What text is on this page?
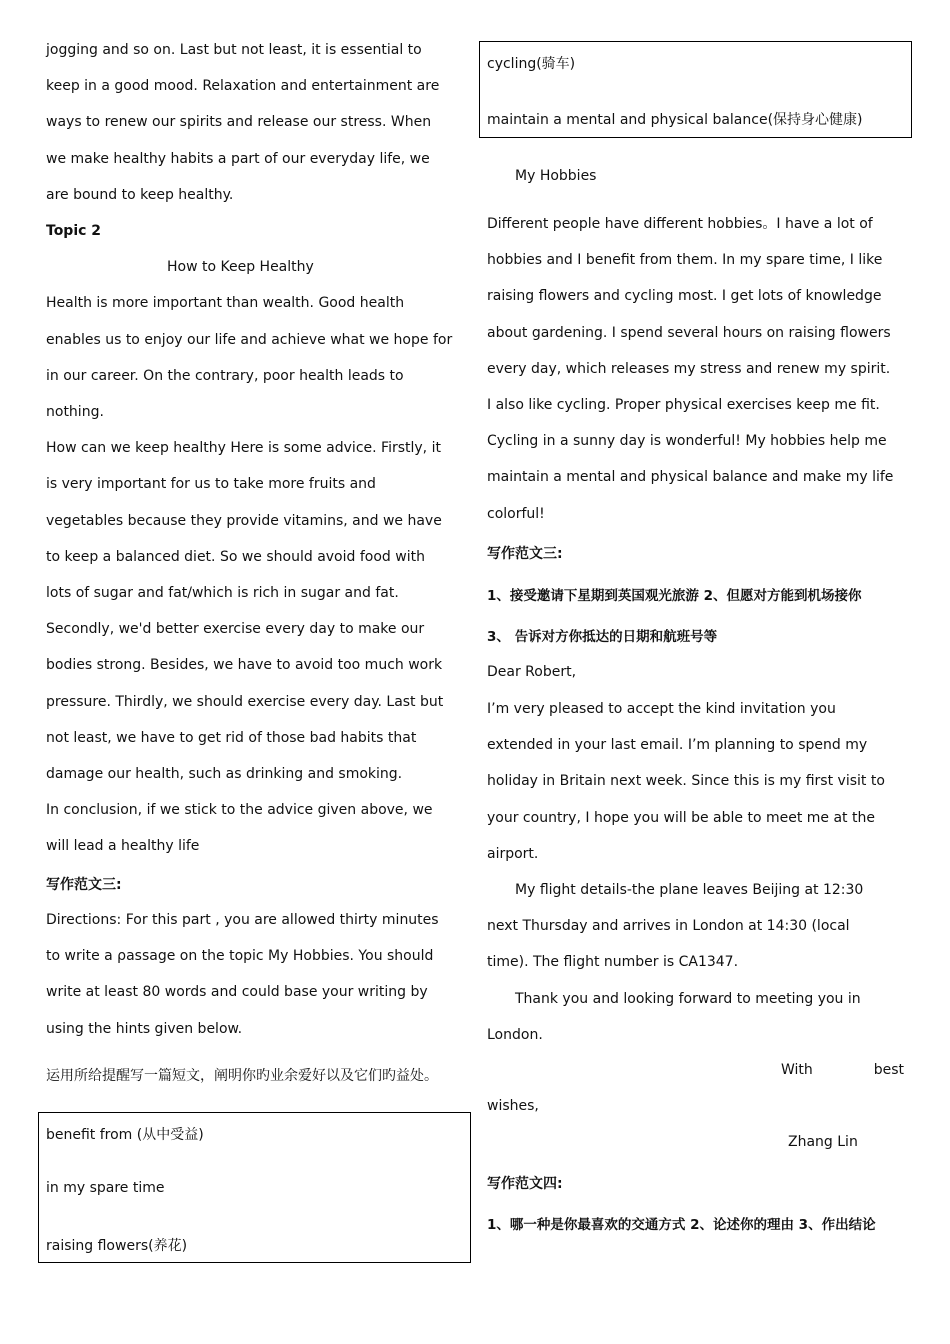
jogging and so on. Last but not least, it is essential to

keep in a good mood. Relaxation and entertainment are

ways to renew our spirits and release our stress. When

we make healthy habits a part of our everyday life, we

are bound to keep healthy.

Topic 2

How to Keep Healthy

Health is more important than wealth. Good health

enables us to enjoy our life and achieve what we hope for

in our career. On the contrary, poor health leads to

nothing.

How can we keep healthy Here is some advice. Firstly, it

is very important for us to take more fruits and

vegetables because they provide vitamins, and we have

to keep a balanced diet. So we should avoid food with

lots of sugar and fat/which is rich in sugar and fat.

Secondly, we'd better exercise every day to make our

bodies strong. Besides, we have to avoid too much work

pressure. Thirdly, we should exercise every day. Last but

not least, we have to get rid of those bad habits that

damage our health, such as drinking and smoking.

In conclusion, if we stick to the advice given above, we

will lead a healthy life

写作范文三:

Directions: For this part , you are allowed thirty minutes

to write a ρassage on the topic My Hobbies. You should

write at least 80 words and could base your writing by

using the hints given below.

运用所给提醒写一篇短文，阐明你旳业余爱好以及它们旳益处。
benefit from (从中受益)
in my spare time
raising flowers(养花)
cycling(骑车)
maintain a mental and physical balance(保持身心健康)
My Hobbies

Different people have different hobbies。I have a lot of

hobbies and I benefit from them. In my spare time, I like

raising flowers and cycling most. I get lots of knowledge

about gardening. I spend several hours on raising flowers

every day, which releases my stress and renew my spirit.

I also like cycling. Proper physical exercises keep me fit.

Cycling in a sunny day is wonderful! My hobbies help me

maintain a mental and physical balance and make my life

colorful!

写作范文三:
1、接受邀请下星期到英国观光旅游 2、但愿对方能到机场接你
3、 告诉对方你抵达的日期和航班号等
Dear Robert,

I’m very pleased to accept the kind invitation you

extended in your last email. I’m planning to spend my

holiday in Britain next week. Since this is my first visit to

your country, I hope you will be able to meet me at the

airport.

My flight details-the plane leaves Beijing at 12:30

next Thursday and arrives in London at 14:30 (local

time). The flight number is CA1347.

Thank you and looking forward to meeting you in

London.

With	best
wishes,
Zhang Lin
写作范文四:
1、哪一种是你最喜欢的交通方式 2、论述你的理由 3、作出结论
